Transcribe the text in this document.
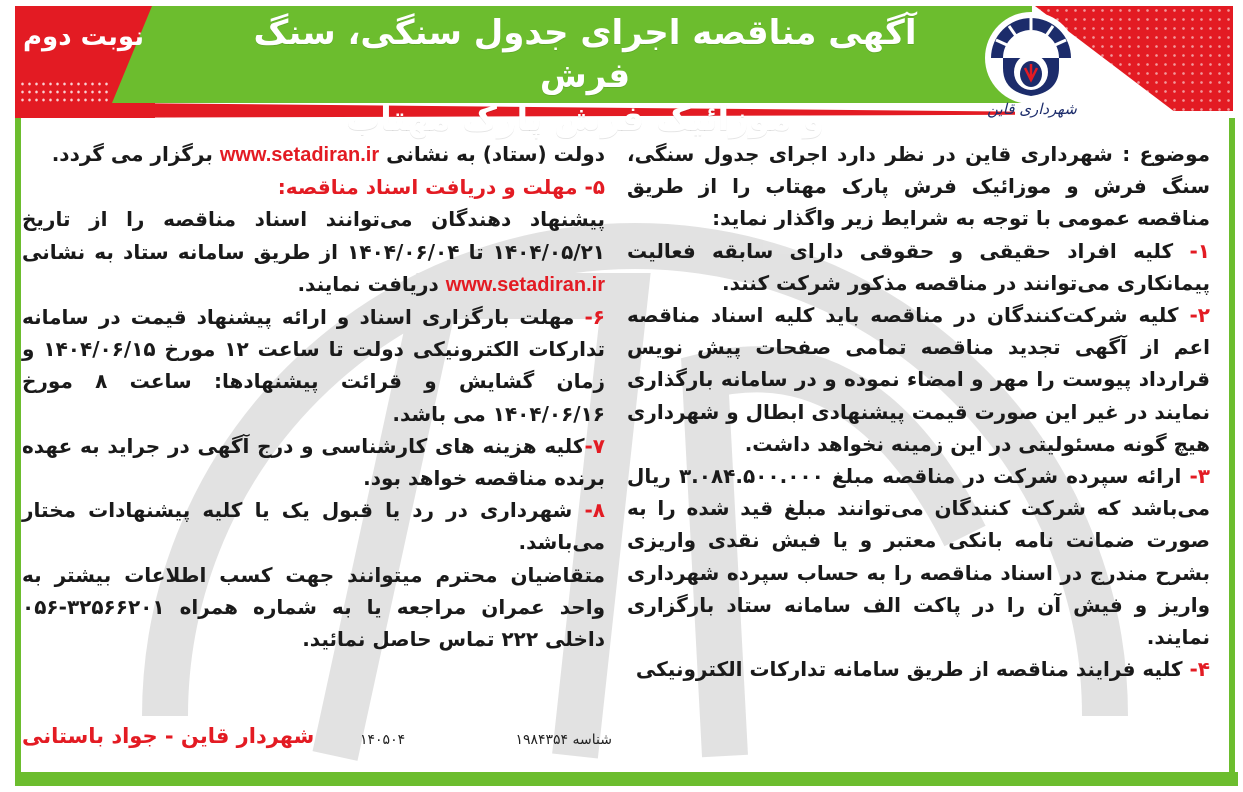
نوبت دوم	آگهی مناقصه اجرای جدول سنگی، سنگ فرش
و موزائیک فرش پارک مهتاب	شهرداری قاین

موضوع : شهرداری قاین در نظر دارد اجرای جدول سنگی، سنگ فرش و موزائیک فرش پارک مهتاب را از طریق مناقصه عمومی با توجه به شرایط زیر واگذار نماید:

۱- کلیه افراد حقیقی و حقوقی دارای سابقه فعالیت پیمانکاری می‌توانند در مناقصه مذکور شرکت کنند.

۲- کلیه شرکت‌کنندگان در مناقصه باید کلیه اسناد مناقصه اعم از آگهی تجدید مناقصه تمامی صفحات پیش نویس قرارداد پیوست را مهر و امضاء نموده و در سامانه بارگذاری نمایند در غیر این صورت قیمت پیشنهادی ابطال و شهرداری هیچ گونه مسئولیتی در این زمینه نخواهد داشت.

۳- ارائه سپرده شرکت در مناقصه مبلغ ۳.۰۸۴.۵۰۰.۰۰۰ ریال می‌باشد که شرکت کنندگان می‌توانند مبلغ قید شده را به صورت ضمانت نامه بانکی معتبر و یا فیش نقدی واریزی بشرح مندرج در اسناد مناقصه را به حساب سپرده شهرداری واریز و فیش آن را در پاکت الف سامانه ستاد بارگزاری نمایند.

۴- کلیه فرایند مناقصه از طریق سامانه تدارکات الکترونیکی

دولت (ستاد) به نشانی www.setadiran.ir برگزار می گردد.

۵- مهلت و دریافت اسناد مناقصه:

پیشنهاد دهندگان می‌توانند اسناد مناقصه را از تاریخ ۱۴۰۴/۰۵/۲۱ تا ۱۴۰۴/۰۶/۰۴ از طریق سامانه ستاد به نشانی www.setadiran.ir دریافت نمایند.

۶- مهلت بارگزاری اسناد و ارائه پیشنهاد قیمت در سامانه تدارکات الکترونیکی دولت تا ساعت ۱۲ مورخ ۱۴۰۴/۰۶/۱۵ و زمان گشایش و قرائت پیشنهادها: ساعت ۸ مورخ ۱۴۰۴/۰۶/۱۶ می باشد.

۷-کلیه هزینه های کارشناسی و درج آگهی در جراید به عهده برنده مناقصه خواهد بود.

۸- شهرداری در رد یا قبول یک یا کلیه پیشنهادات مختار می‌باشد.

متقاضیان محترم میتوانند جهت کسب اطلاعات بیشتر به واحد عمران مراجعه یا به شماره همراه ۳۲۵۶۶۲۰۱-۰۵۶ داخلی ۲۲۲ تماس حاصل نمائید.

شناسه ۱۹۸۴۳۵۴
۱۴۰۵۰۴
شهردار قاین - جواد باستانی
